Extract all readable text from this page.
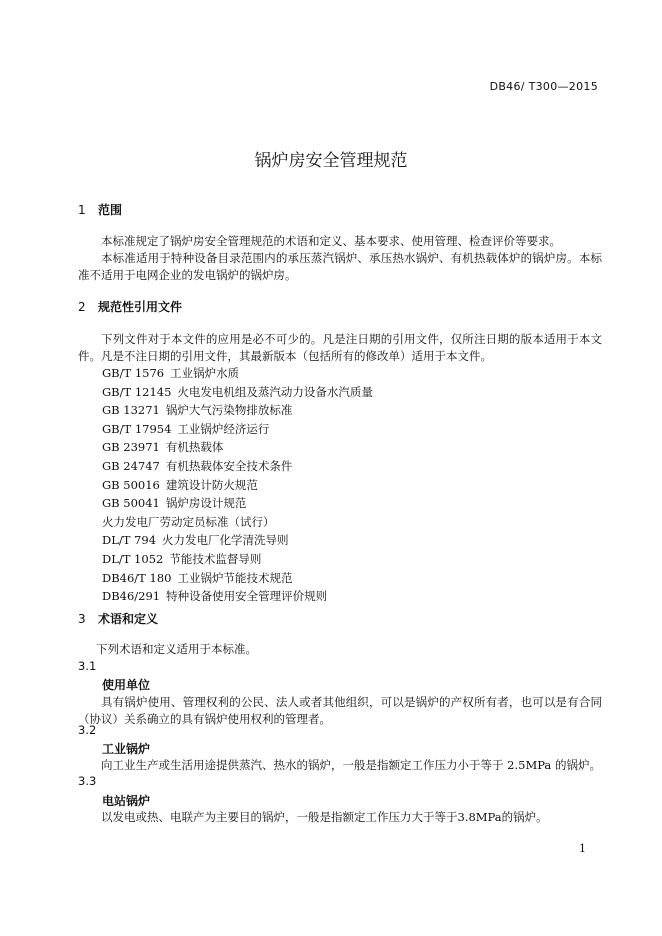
DB46/ T300—2015
锅炉房安全管理规范
1 范围
本标准规定了锅炉房安全管理规范的术语和定义、基本要求、使用管理、检查评价等要求。
本标准适用于特种设备目录范围内的承压蒸汽锅炉、承压热水锅炉、有机热载体炉的锅炉房。本标准不适用于电网企业的发电锅炉的锅炉房。
2 规范性引用文件
下列文件对于本文件的应用是必不可少的。凡是注日期的引用文件，仅所注日期的版本适用于本文件。凡是不注日期的引用文件，其最新版本（包括所有的修改单）适用于本文件。
GB/T 1576 工业锅炉水质
GB/T 12145 火电发电机组及蒸汽动力设备水汽质量
GB 13271 锅炉大气污染物排放标准
GB/T 17954 工业锅炉经济运行
GB 23971 有机热载体
GB 24747 有机热载体安全技术条件
GB 50016 建筑设计防火规范
GB 50041 锅炉房设计规范
火力发电厂劳动定员标准（试行）
DL/T 794 火力发电厂化学清洗导则
DL/T 1052 节能技术监督导则
DB46/T 180 工业锅炉节能技术规范
DB46/291 特种设备使用安全管理评价规则
3 术语和定义
下列术语和定义适用于本标准。
3.1
使用单位
具有锅炉使用、管理权利的公民、法人或者其他组织，可以是锅炉的产权所有者，也可以是有合同（协议）关系确立的具有锅炉使用权利的管理者。
3.2
工业锅炉
向工业生产或生活用途提供蒸汽、热水的锅炉，一般是指额定工作压力小于等于 2.5MPa 的锅炉。
3.3
电站锅炉
以发电或热、电联产为主要目的锅炉，一般是指额定工作压力大于等于3.8MPa的锅炉。
1
